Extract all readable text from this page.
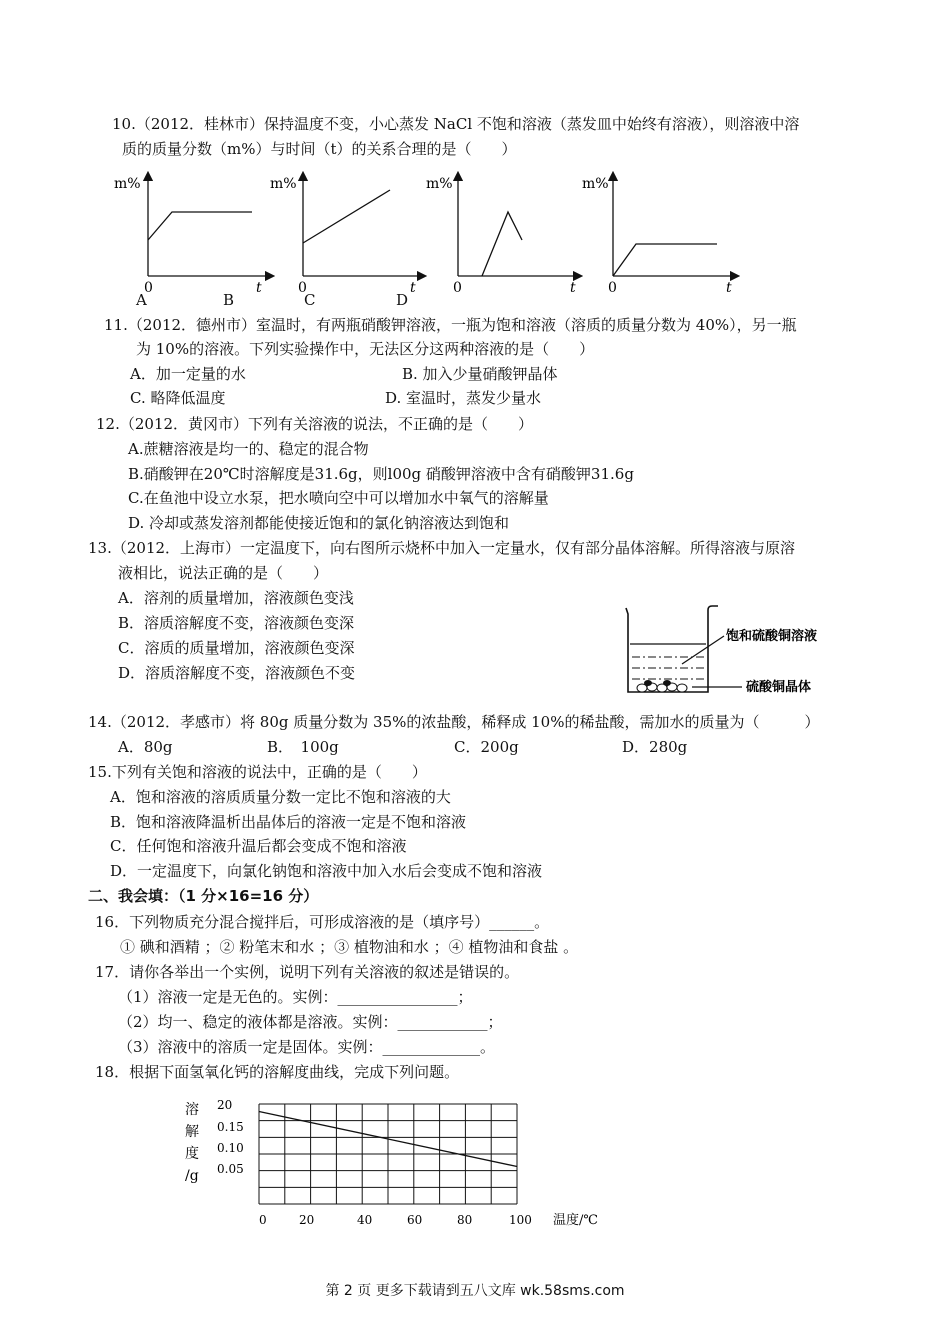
10.（2012．桂林市）保持温度不变，小心蒸发 NaCl 不饱和溶液（蒸发皿中始终有溶液），则溶液中溶
质的质量分数（m%）与时间（t）的关系合理的是（　　）
m%
0	t
m%
0	t
m%
0	t
m%
0	t
A	B	C	D
11.（2012．德州市）室温时，有两瓶硝酸钾溶液，一瓶为饱和溶液（溶质的质量分数为 40%），另一瓶
为 10%的溶液。下列实验操作中，无法区分这两种溶液的是（　　）
A．加一定量的水	B. 加入少量硝酸钾晶体
C. 略降低温度	D. 室温时，蒸发少量水
12.（2012．黄冈市）下列有关溶液的说法，不正确的是（　　）
A.蔗糖溶液是均一的、稳定的混合物
B.硝酸钾在20℃时溶解度是31.6g，则l00g 硝酸钾溶液中含有硝酸钾31.6g
C.在鱼池中设立水泵，把水喷向空中可以增加水中氧气的溶解量
D. 冷却或蒸发溶剂都能使接近饱和的氯化钠溶液达到饱和
13.（2012．上海市）一定温度下，向右图所示烧杯中加入一定量水，仅有部分晶体溶解。所得溶液与原溶
液相比，说法正确的是（　　）
A．溶剂的质量增加，溶液颜色变浅
B．溶质溶解度不变，溶液颜色变深
C．溶质的质量增加，溶液颜色变深
D．溶质溶解度不变，溶液颜色不变
饱和硫酸铜溶液
硫酸铜晶体
14.（2012．孝感市）将 80g 质量分数为 35%的浓盐酸，稀释成 10%的稀盐酸，需加水的质量为（　　　）
A．80g	B．　100g	C．200g	D．280g
15.下列有关饱和溶液的说法中，正确的是（　　）
A．饱和溶液的溶质质量分数一定比不饱和溶液的大
B．饱和溶液降温析出晶体后的溶液一定是不饱和溶液
C．任何饱和溶液升温后都会变成不饱和溶液
D．一定温度下，向氯化钠饱和溶液中加入水后会变成不饱和溶液
二、我会填：（1 分×16=16 分）
16．下列物质充分混合搅拌后，可形成溶液的是（填序号）______。
① 碘和酒精 ；② 粉笔末和水 ；③ 植物油和水 ；④ 植物油和食盐 。
17．请你各举出一个实例，说明下列有关溶液的叙述是错误的。
（1）溶液一定是无色的。实例：________________；
（2）均一、稳定的液体都是溶液。实例：____________；
（3）溶液中的溶质一定是固体。实例：_____________。
18．根据下面氢氧化钙的溶解度曲线，完成下列问题。
溶
解
度
/g
20
0.15
0.10
0.05
0	20	40	60	80	100 温度/℃
第 2 页 更多下载请到五八文库 wk.58sms.com
